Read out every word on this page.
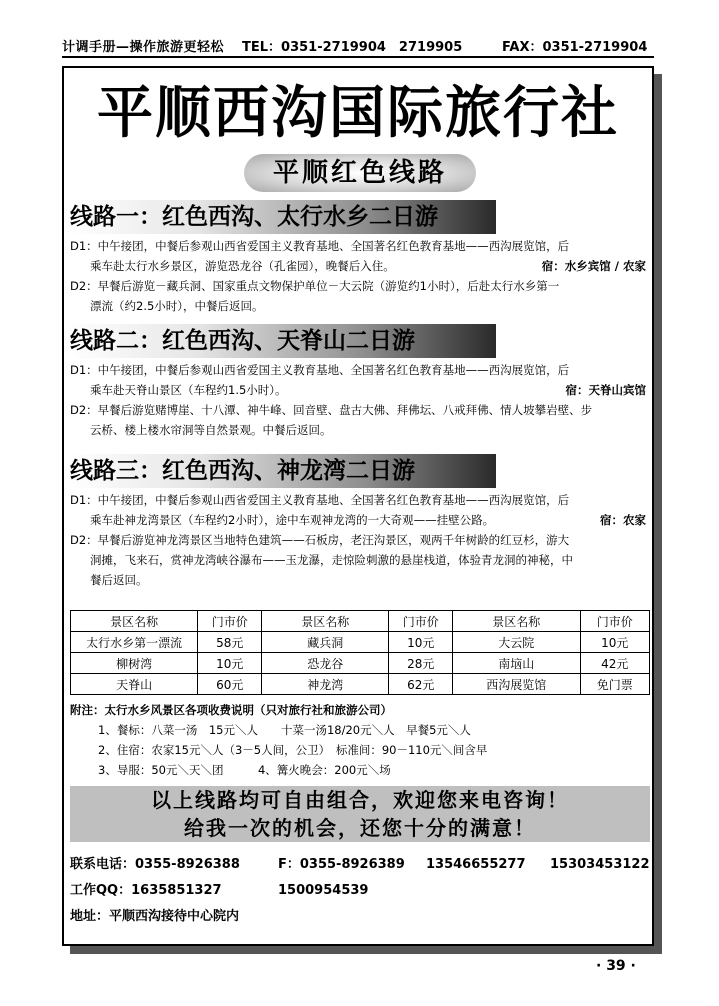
计调手册—操作旅游更轻松 TEL：0351-2719904　2719905	FAX：0351-2719904
平顺西沟国际旅行社
平顺红色线路
线路一：红色西沟、太行水乡二日游
D1：中午接团，中餐后参观山西省爱国主义教育基地、全国著名红色教育基地——西沟展览馆，后
乘车赴太行水乡景区，游览恐龙谷（孔雀园），晚餐后入住。	宿：水乡宾馆 / 农家
D2：早餐后游览－藏兵洞、国家重点文物保护单位－大云院（游览约1小时），后赴太行水乡第一
漂流（约2.5小时），中餐后返回。
线路二：红色西沟、天脊山二日游
D1：中午接团，中餐后参观山西省爱国主义教育基地、全国著名红色教育基地——西沟展览馆，后
乘车赴天脊山景区（车程约1.5小时）。	宿：天脊山宾馆
D2：早餐后游览赌博崖、十八潭、神牛峰、回音壁、盘古大佛、拜佛坛、八戒拜佛、情人坡攀岩壁、步
云桥、楼上楼水帘洞等自然景观。中餐后返回。
线路三：红色西沟、神龙湾二日游
D1：中午接团，中餐后参观山西省爱国主义教育基地、全国著名红色教育基地——西沟展览馆，后
乘车赴神龙湾景区（车程约2小时），途中车观神龙湾的一大奇观——挂壁公路。	宿：农家
D2：早餐后游览神龙湾景区当地特色建筑——石板房，老汪沟景区，观两千年树龄的红豆杉，游大
洞摊，飞来石，赏神龙湾峡谷瀑布——玉龙瀑，走惊险刺激的悬崖栈道，体验青龙洞的神秘，中
餐后返回。
景区名称	门市价	景区名称	门市价	景区名称	门市价
太行水乡第一漂流	58元	藏兵洞	10元	大云院	10元
柳树湾	10元	恐龙谷	28元	南垴山	42元
天脊山	60元	神龙湾	62元	西沟展览馆	免门票
附注：太行水乡风景区各项收费说明（只对旅行社和旅游公司）
1、餐标：八菜一汤　15元＼人　　十菜一汤18/20元＼人　早餐5元＼人
2、住宿：农家15元＼人（3－5人间，公卫）　标准间：90－110元＼间含早
3、导服：50元＼天＼团　　　4、篝火晚会：200元＼场
以上线路均可自由组合，欢迎您来电咨询！
给我一次的机会，还您十分的满意！
联系电话：0355-8926388	F：0355-8926389 13546655277 15303453122
工作QQ：1635851327	1500954539
地址：平顺西沟接待中心院内
· 39 ·
